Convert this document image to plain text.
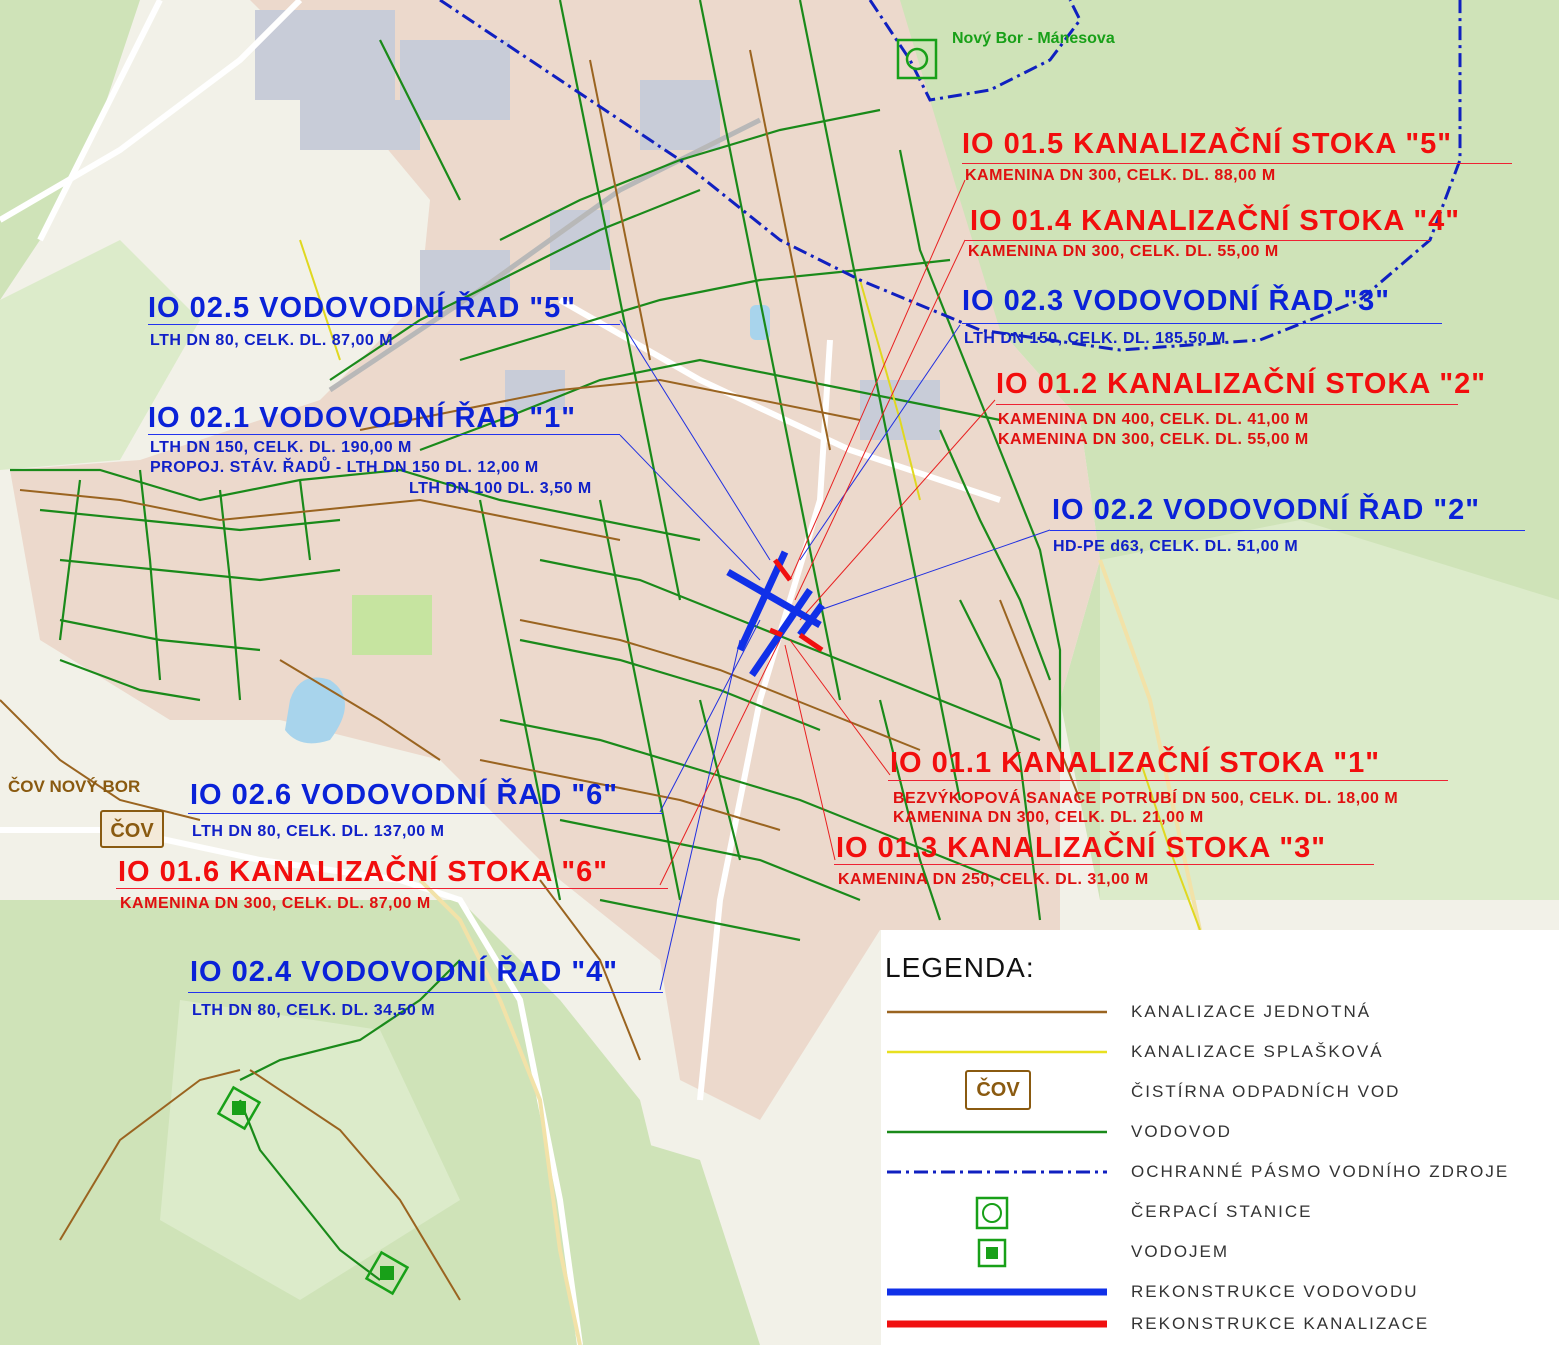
Nový Bor - Mánesova
ČOV NOVÝ BOR
ČOV
IO 01.5 KANALIZAČNÍ STOKA "5"
KAMENINA DN 300, CELK. DL. 88,00 M
IO 01.4 KANALIZAČNÍ STOKA "4"
KAMENINA DN 300, CELK. DL. 55,00 M
IO 02.5 VODOVODNÍ ŘAD "5"
LTH DN 80, CELK. DL. 87,00 M
IO 02.3 VODOVODNÍ ŘAD "3"
LTH DN 150, CELK. DL. 185,50 M
IO 01.2 KANALIZAČNÍ STOKA "2"
KAMENINA DN 400, CELK. DL. 41,00 M
KAMENINA DN 300, CELK. DL. 55,00 M
IO 02.1 VODOVODNÍ ŘAD "1"
LTH DN 150, CELK. DL. 190,00 M
PROPOJ. STÁV. ŘADŮ - LTH DN 150 DL. 12,00 M
LTH DN 100 DL. 3,50 M
IO 02.2 VODOVODNÍ ŘAD "2"
HD-PE d63, CELK. DL. 51,00 M
IO 01.1 KANALIZAČNÍ STOKA "1"
BEZVÝKOPOVÁ SANACE POTRUBÍ DN 500, CELK. DL. 18,00 M
KAMENINA DN 300, CELK. DL. 21,00 M
IO 02.6 VODOVODNÍ ŘAD "6"
LTH DN 80, CELK. DL. 137,00 M
IO 01.3 KANALIZAČNÍ STOKA "3"
KAMENINA DN 250, CELK. DL. 31,00 M
IO 01.6 KANALIZAČNÍ STOKA "6"
KAMENINA DN 300, CELK. DL. 87,00 M
IO 02.4 VODOVODNÍ ŘAD "4"
LTH DN 80, CELK. DL. 34,50 M
LEGENDA:
KANALIZACE JEDNOTNÁ
KANALIZACE SPLAŠKOVÁ
ČOV	ČISTÍRNA ODPADNÍCH VOD
VODOVOD
OCHRANNÉ PÁSMO VODNÍHO ZDROJE
ČERPACÍ STANICE
VODOJEM
REKONSTRUKCE VODOVODU
REKONSTRUKCE KANALIZACE
